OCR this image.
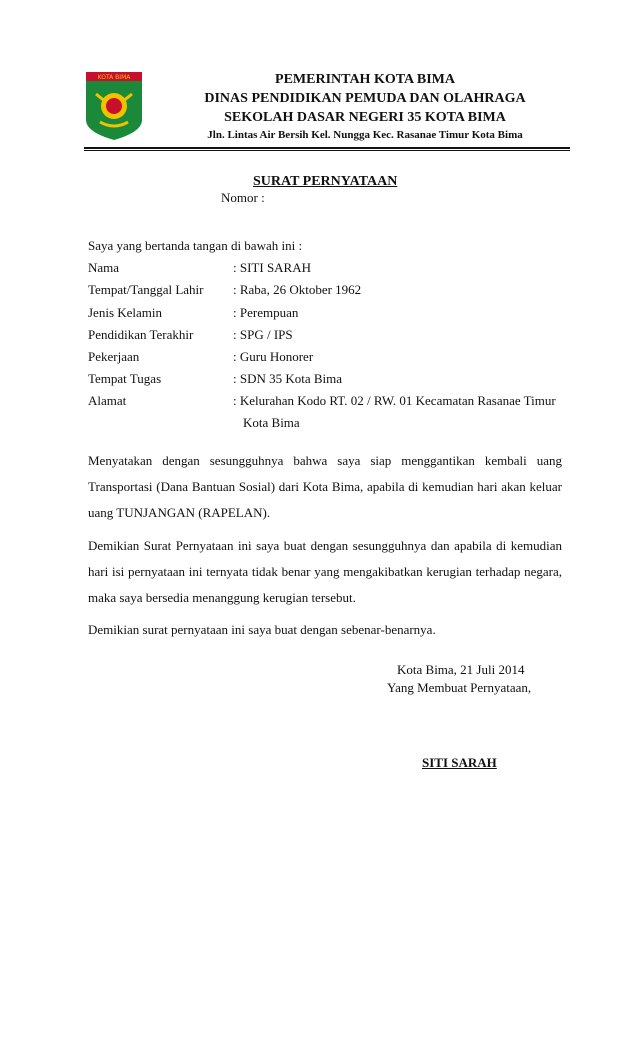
KOTA BIMA	PEMERINTAH KOTA BIMA
DINAS PENDIDIKAN PEMUDA DAN OLAHRAGA
SEKOLAH DASAR NEGERI 35 KOTA BIMA
Jln. Lintas Air Bersih Kel. Nungga Kec. Rasanae Timur Kota Bima
SURAT PERNYATAAN
Nomor :
Saya yang bertanda tangan di bawah ini :
Nama	: SITI SARAH
Tempat/Tanggal Lahir : Raba, 26 Oktober 1962
Jenis Kelamin	: Perempuan
Pendidikan Terakhir	: SPG / IPS
Pekerjaan	: Guru Honorer
Tempat Tugas	: SDN 35 Kota Bima
Alamat	: Kelurahan Kodo RT. 02 / RW. 01 Kecamatan Rasanae Timur
Kota Bima
Menyatakan dengan sesungguhnya bahwa saya siap menggantikan kembali uang Transportasi (Dana Bantuan Sosial) dari Kota Bima, apabila di kemudian hari akan keluar uang TUNJANGAN (RAPELAN).
Demikian Surat Pernyataan ini saya buat dengan sesungguhnya dan apabila di kemudian hari isi pernyataan ini ternyata tidak benar yang mengakibatkan kerugian terhadap negara, maka saya bersedia menanggung kerugian tersebut.
Demikian surat pernyataan ini saya buat dengan sebenar-benarnya.
Kota Bima, 21 Juli 2014
Yang Membuat Pernyataan,
SITI SARAH
